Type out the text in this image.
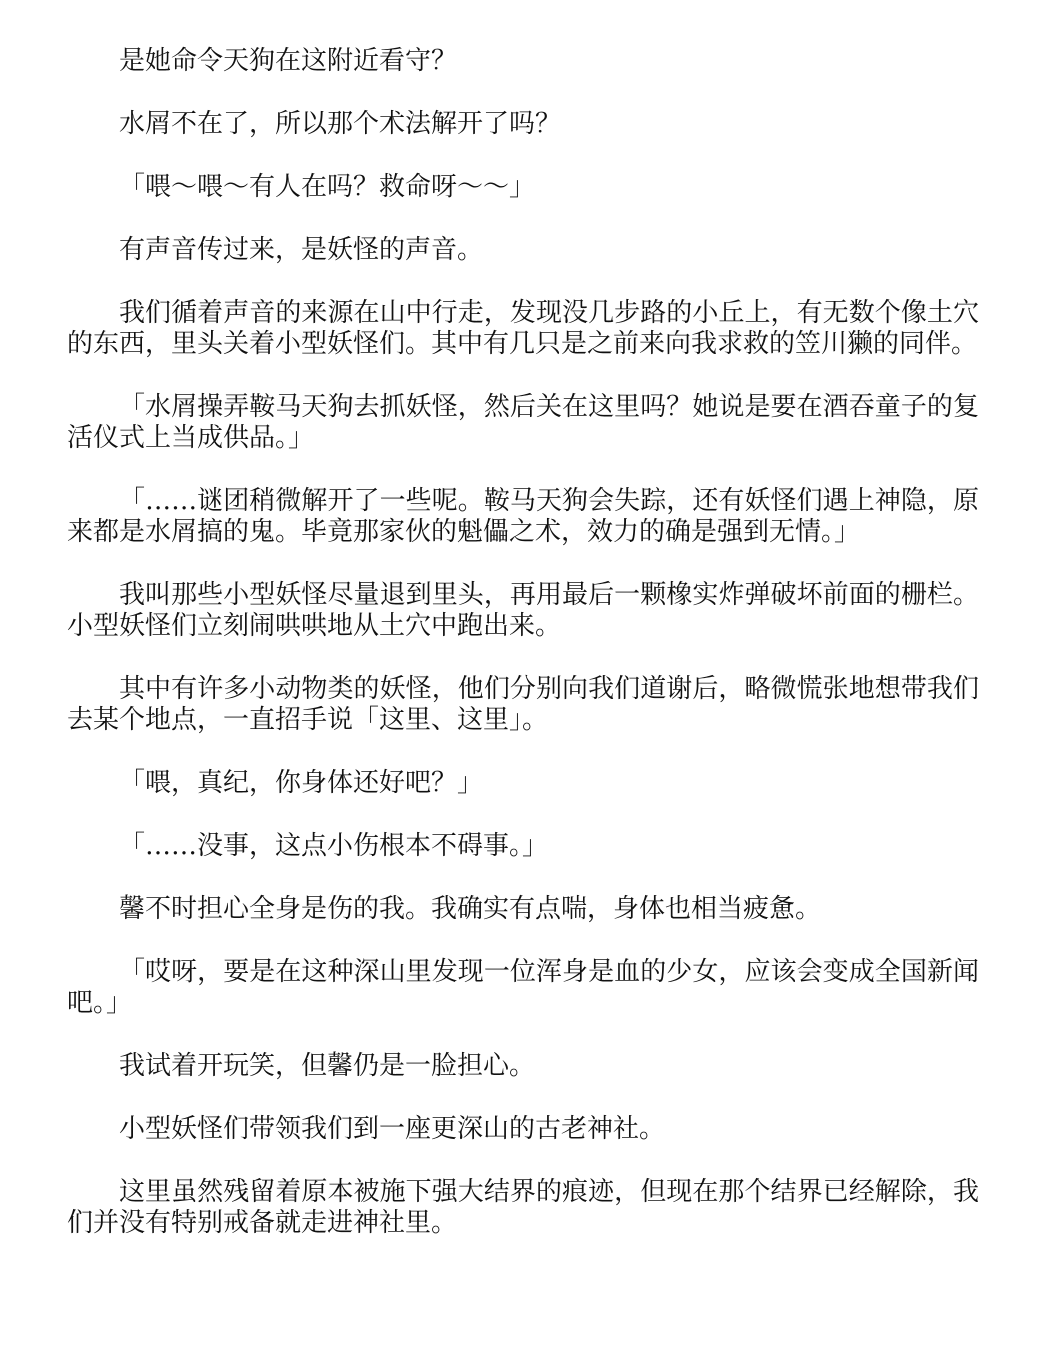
是她命令天狗在这附近看守？

水屑不在了，所以那个术法解开了吗？

「喂～喂～有人在吗？救命呀～～」

有声音传过来，是妖怪的声音。

我们循着声音的来源在山中行走，发现没几步路的小丘上，有无数个像土穴的东西，里头关着小型妖怪们。其中有几只是之前来向我求救的笠川獭的同伴。

「水屑操弄鞍马天狗去抓妖怪，然后关在这里吗？她说是要在酒吞童子的复活仪式上当成供品。」

「……谜团稍微解开了一些呢。鞍马天狗会失踪，还有妖怪们遇上神隐，原来都是水屑搞的鬼。毕竟那家伙的魁儡之术，效力的确是强到无情。」

我叫那些小型妖怪尽量退到里头，再用最后一颗橡实炸弹破坏前面的栅栏。小型妖怪们立刻闹哄哄地从土穴中跑出来。

其中有许多小动物类的妖怪，他们分别向我们道谢后，略微慌张地想带我们去某个地点，一直招手说「这里、这里」。

「喂，真纪，你身体还好吧？」

「……没事，这点小伤根本不碍事。」

馨不时担心全身是伤的我。我确实有点喘，身体也相当疲惫。

「哎呀，要是在这种深山里发现一位浑身是血的少女，应该会变成全国新闻吧。」

我试着开玩笑，但馨仍是一脸担心。

小型妖怪们带领我们到一座更深山的古老神社。

这里虽然残留着原本被施下强大结界的痕迹，但现在那个结界已经解除，我们并没有特别戒备就走进神社里。
